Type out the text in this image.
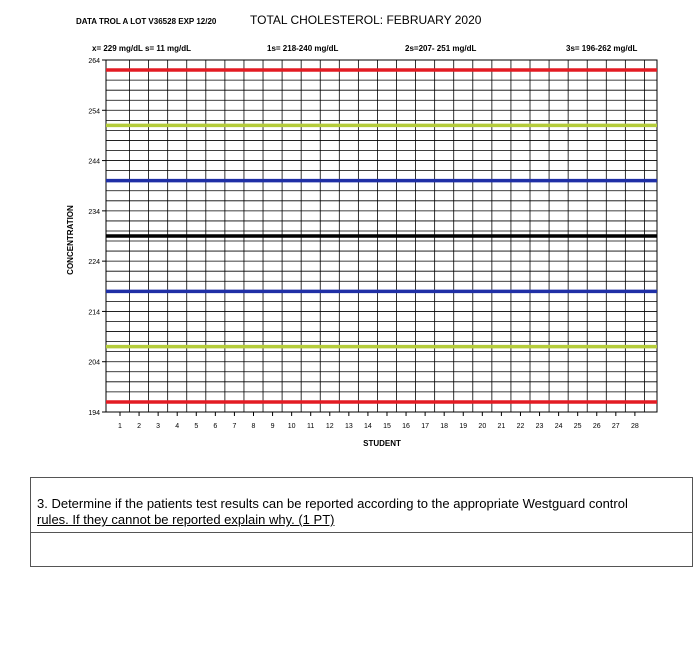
DATA TROL A LOT V36528 EXP 12/20	TOTAL CHOLESTEROL: FEBRUARY 2020
x= 229 mg/dL s= 11 mg/dL	1s= 218-240 mg/dL	2s=207- 251 mg/dL	3s= 196-262 mg/dL
194
204
214
224
234
244
254
264
1 2 3 4 5 6 7 8 9 10 11 12 13 14 15 16 17 18 19 20 21 22 23 24 25 26 27 28
STUDENT
CONCENTRATION
3. Determine if the patients test results can be reported according to the appropriate Westguard control
rules. If they cannot be reported explain why. (1 PT)
